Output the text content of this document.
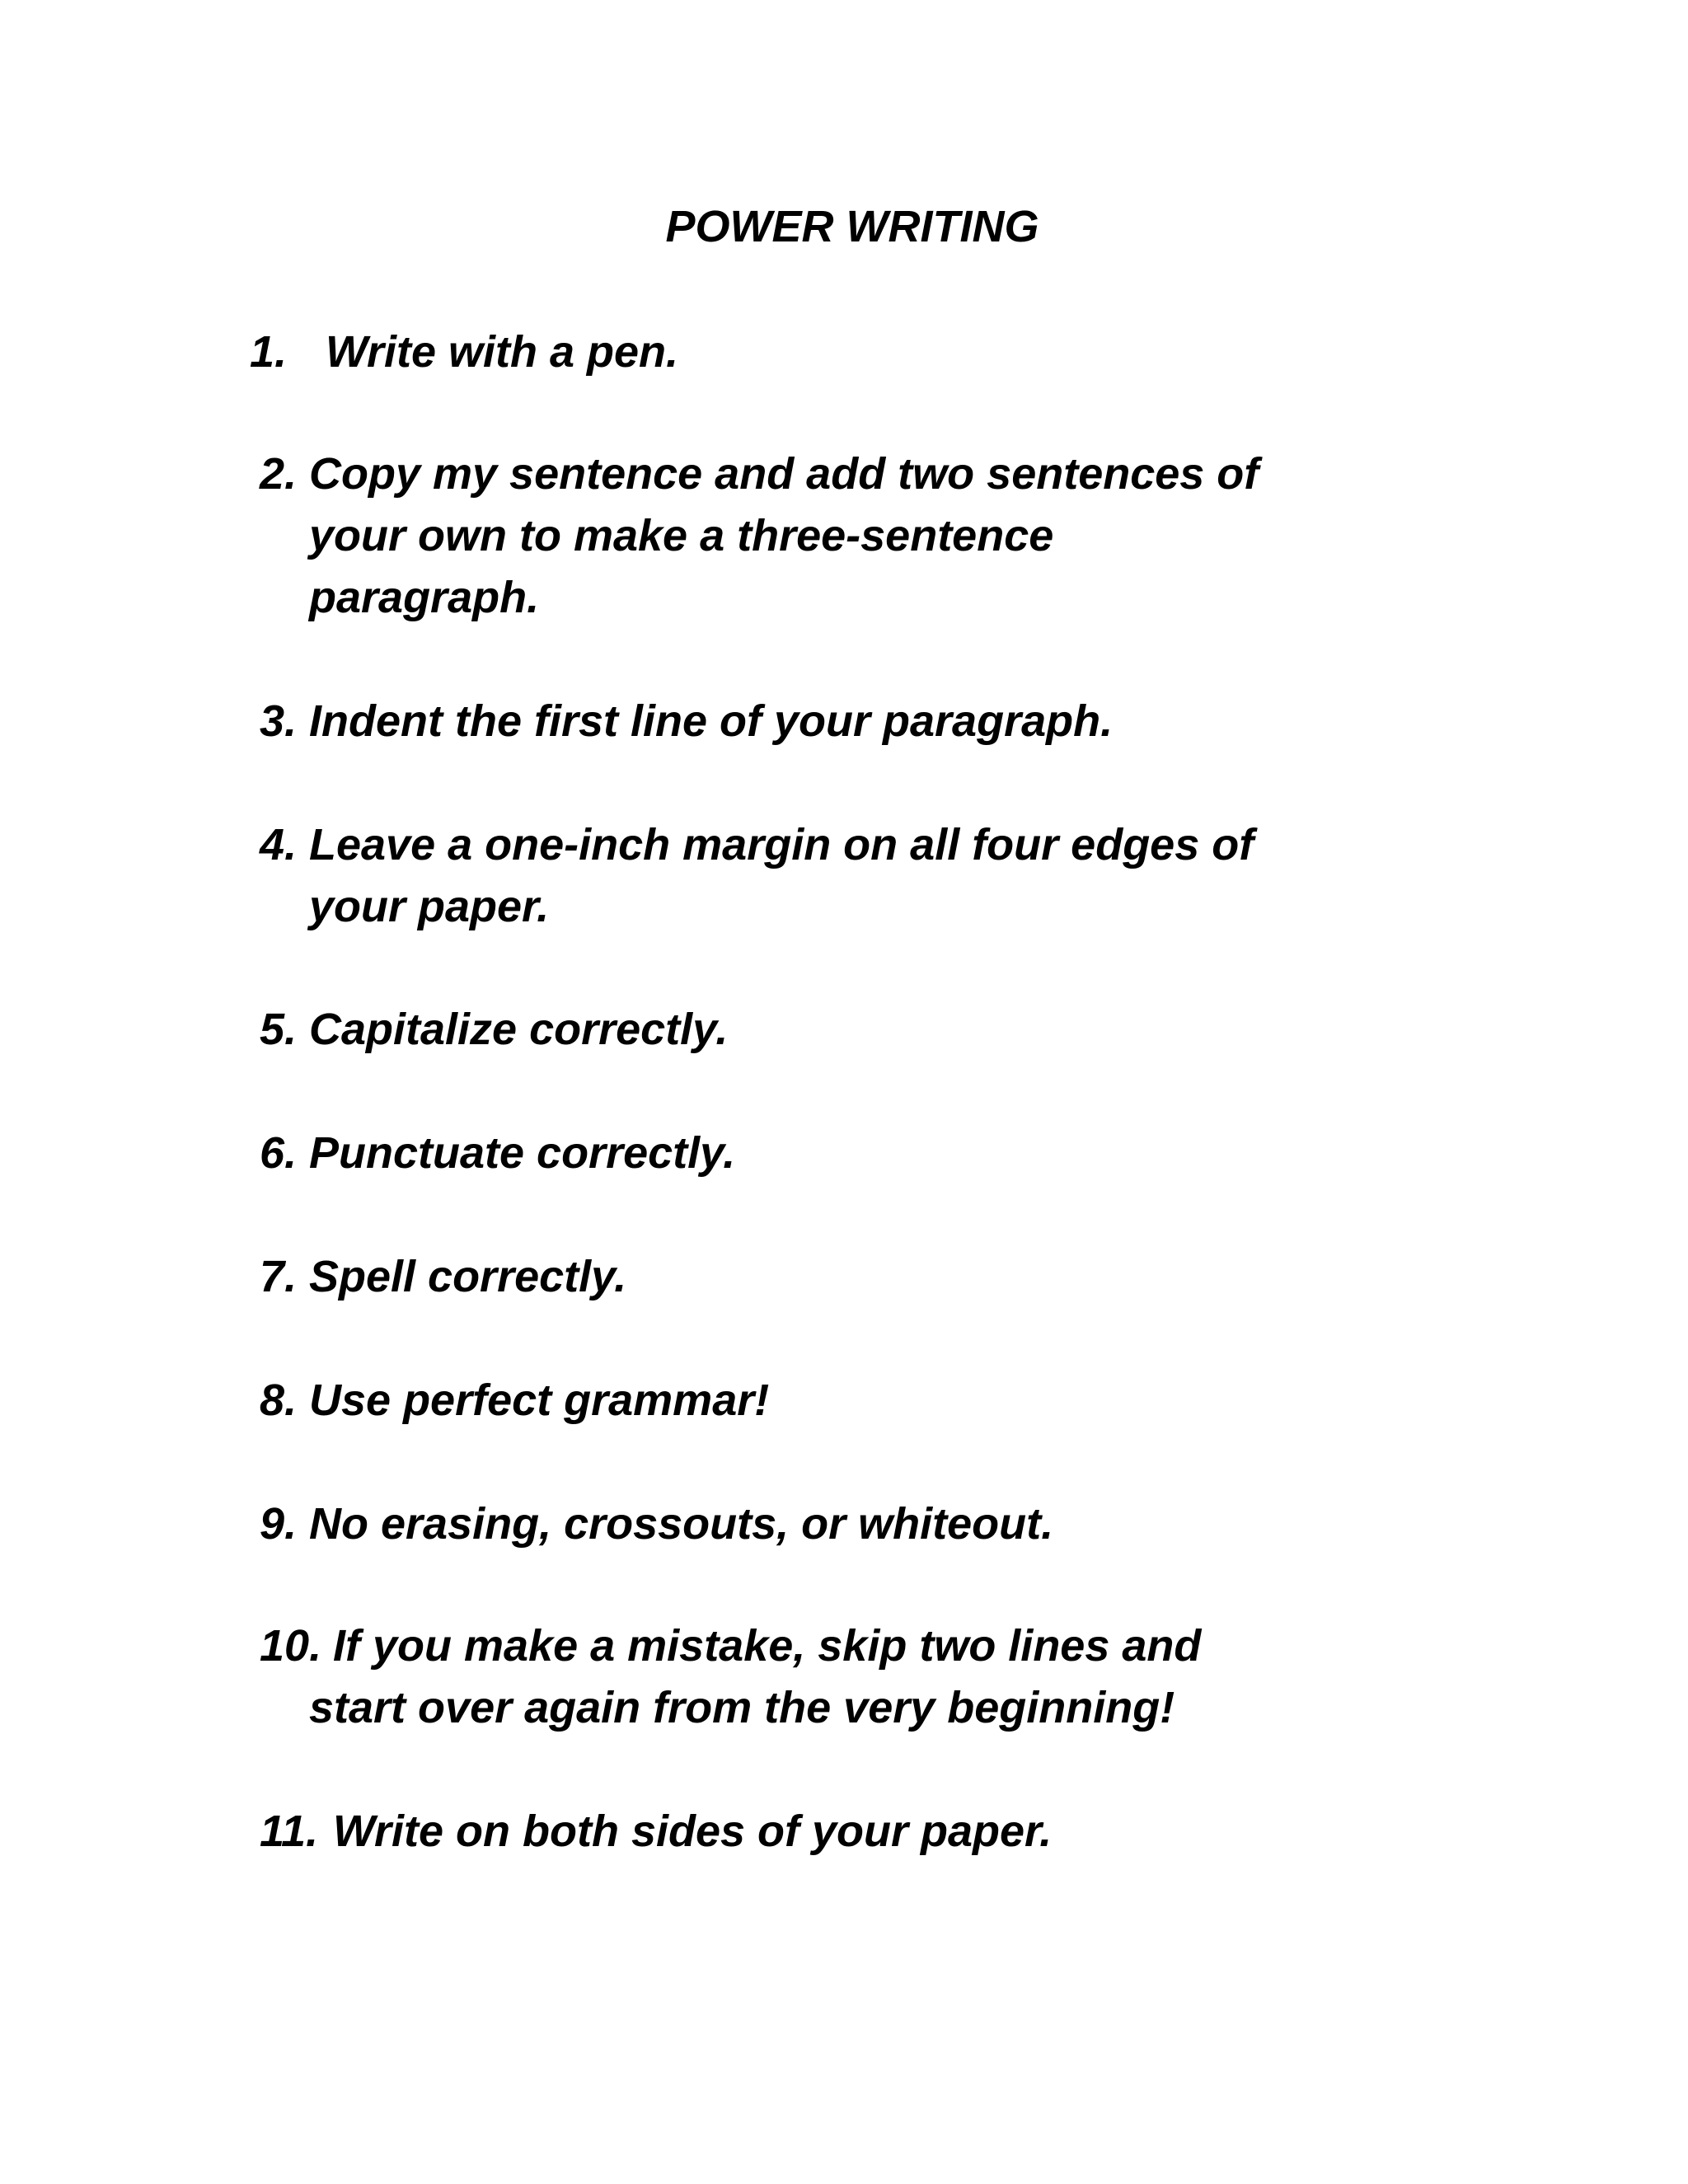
POWER WRITING
1. Write with a pen.
2. Copy my sentence and add two sentences of
your own to make a three-sentence
paragraph.
3. Indent the first line of your paragraph.
4. Leave a one-inch margin on all four edges of
your paper.
5. Capitalize correctly.
6. Punctuate correctly.
7. Spell correctly.
8. Use perfect grammar!
9. No erasing, crossouts, or whiteout.
10. If you make a mistake, skip two lines and
start over again from the very beginning!
11. Write on both sides of your paper.
